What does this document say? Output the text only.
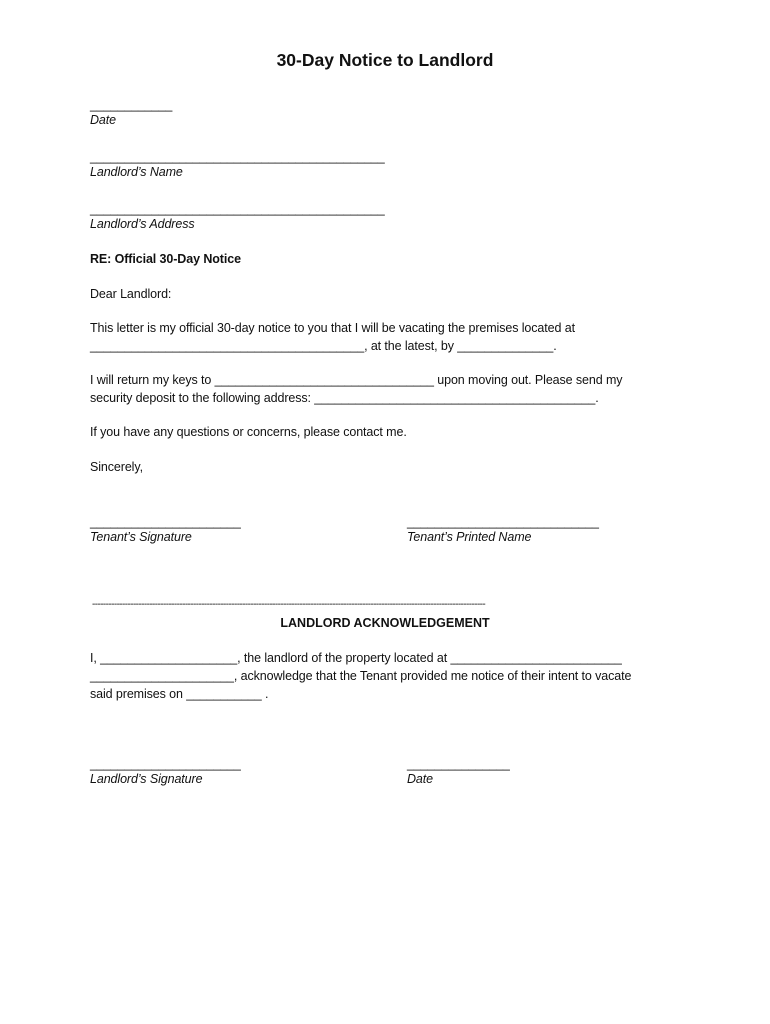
30-Day Notice to Landlord
____________
Date
___________________________________________
Landlord’s Name
___________________________________________
Landlord’s Address
RE: Official 30-Day Notice
Dear Landlord:
This letter is my official 30-day notice to you that I will be vacating the premises located at
________________________________________, at the latest, by ______________.
I will return my keys to ________________________________ upon moving out. Please send my
security deposit to the following address: _________________________________________.
If you have any questions or concerns, please contact me.
Sincerely,
______________________
Tenant’s Signature
____________________________
Tenant’s Printed Name
------------------------------------------------------------------------------------------------------------------------------------------------
LANDLORD ACKNOWLEDGEMENT
I, ____________________, the landlord of the property located at _________________________
_____________________, acknowledge that the Tenant provided me notice of their intent to vacate
said premises on ___________ .
______________________
Landlord’s Signature
_______________
Date
